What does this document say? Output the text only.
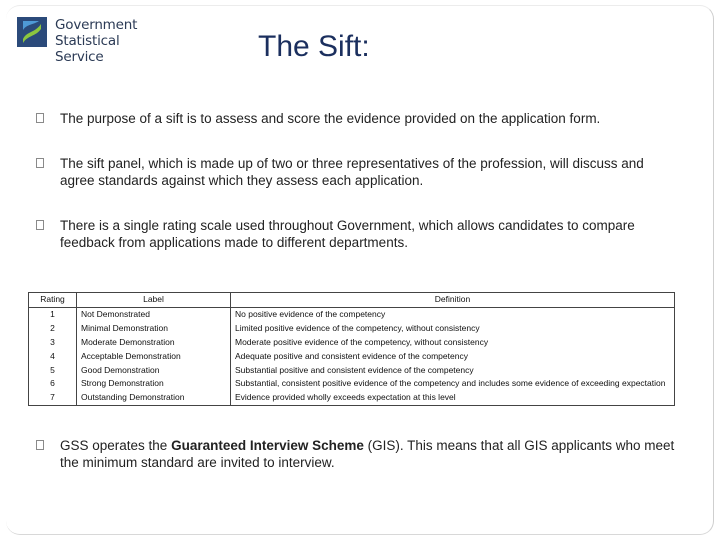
Government
Statistical Service	The Sift:
The purpose of a sift is to assess and score the evidence provided on the application form.
The sift panel, which is made up of two or three representatives of the profession, will discuss and agree standards against which they assess each application.
There is a single rating scale used throughout Government, which allows candidates to compare feedback from applications made to different departments.
Rating	Label	Definition
1	Not Demonstrated	No positive evidence of the competency
2	Minimal Demonstration	Limited positive evidence of the competency, without consistency
3	Moderate Demonstration	Moderate positive evidence of the competency, without consistency
4	Acceptable Demonstration	Adequate positive and consistent evidence of the competency
5	Good Demonstration	Substantial positive and consistent evidence of the competency
6	Strong Demonstration	Substantial, consistent positive evidence of the competency and includes some evidence of exceeding expectation
7	Outstanding Demonstration	Evidence provided wholly exceeds expectation at this level
GSS operates the Guaranteed Interview Scheme (GIS). This means that all GIS applicants who meet the minimum standard are invited to interview.
